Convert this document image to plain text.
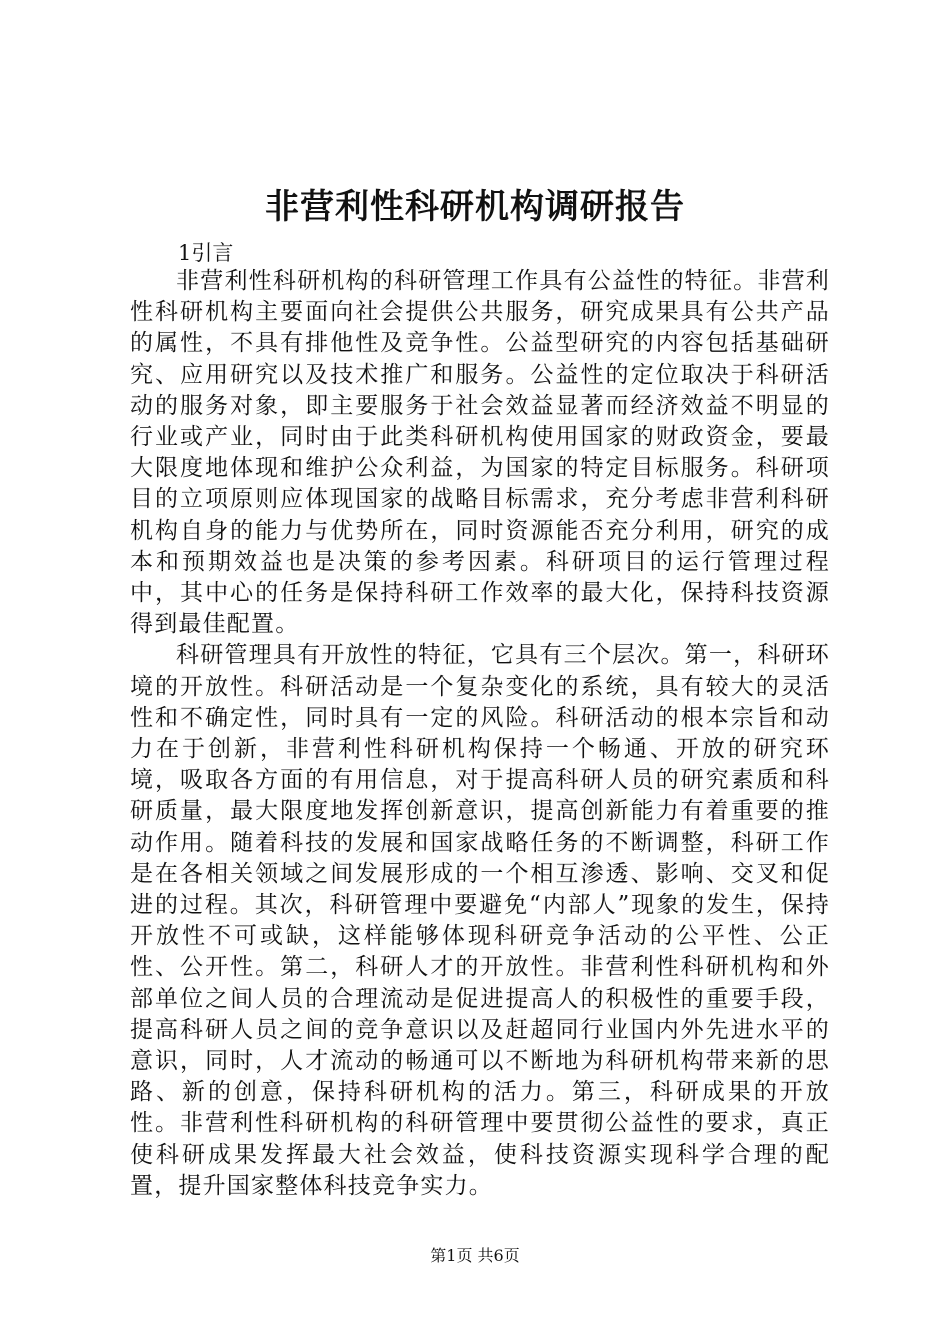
非营利性科研机构调研报告
1引言

非营利性科研机构的科研管理工作具有公益性的特征。非营利性科研机构主要面向社会提供公共服务，研究成果具有公共产品的属性，不具有排他性及竞争性。公益型研究的内容包括基础研究、应用研究以及技术推广和服务。公益性的定位取决于科研活动的服务对象，即主要服务于社会效益显著而经济效益不明显的行业或产业，同时由于此类科研机构使用国家的财政资金，要最大限度地体现和维护公众利益，为国家的特定目标服务。科研项目的立项原则应体现国家的战略目标需求，充分考虑非营利科研机构自身的能力与优势所在，同时资源能否充分利用，研究的成本和预期效益也是决策的参考因素。科研项目的运行管理过程中，其中心的任务是保持科研工作效率的最大化，保持科技资源得到最佳配置。

科研管理具有开放性的特征，它具有三个层次。第一，科研环境的开放性。科研活动是一个复杂变化的系统，具有较大的灵活性和不确定性，同时具有一定的风险。科研活动的根本宗旨和动力在于创新，非营利性科研机构保持一个畅通、开放的研究环境，吸取各方面的有用信息，对于提高科研人员的研究素质和科研质量，最大限度地发挥创新意识，提高创新能力有着重要的推动作用。随着科技的发展和国家战略任务的不断调整，科研工作是在各相关领域之间发展形成的一个相互渗透、影响、交叉和促进的过程。其次，科研管理中要避免“内部人”现象的发生，保持开放性不可或缺，这样能够体现科研竞争活动的公平性、公正性、公开性。第二，科研人才的开放性。非营利性科研机构和外部单位之间人员的合理流动是促进提高人的积极性的重要手段，提高科研人员之间的竞争意识以及赶超同行业国内外先进水平的意识，同时，人才流动的畅通可以不断地为科研机构带来新的思路、新的创意，保持科研机构的活力。第三，科研成果的开放性。非营利性科研机构的科研管理中要贯彻公益性的要求，真正使科研成果发挥最大社会效益，使科技资源实现科学合理的配置，提升国家整体科技竞争实力。

第1页 共6页
